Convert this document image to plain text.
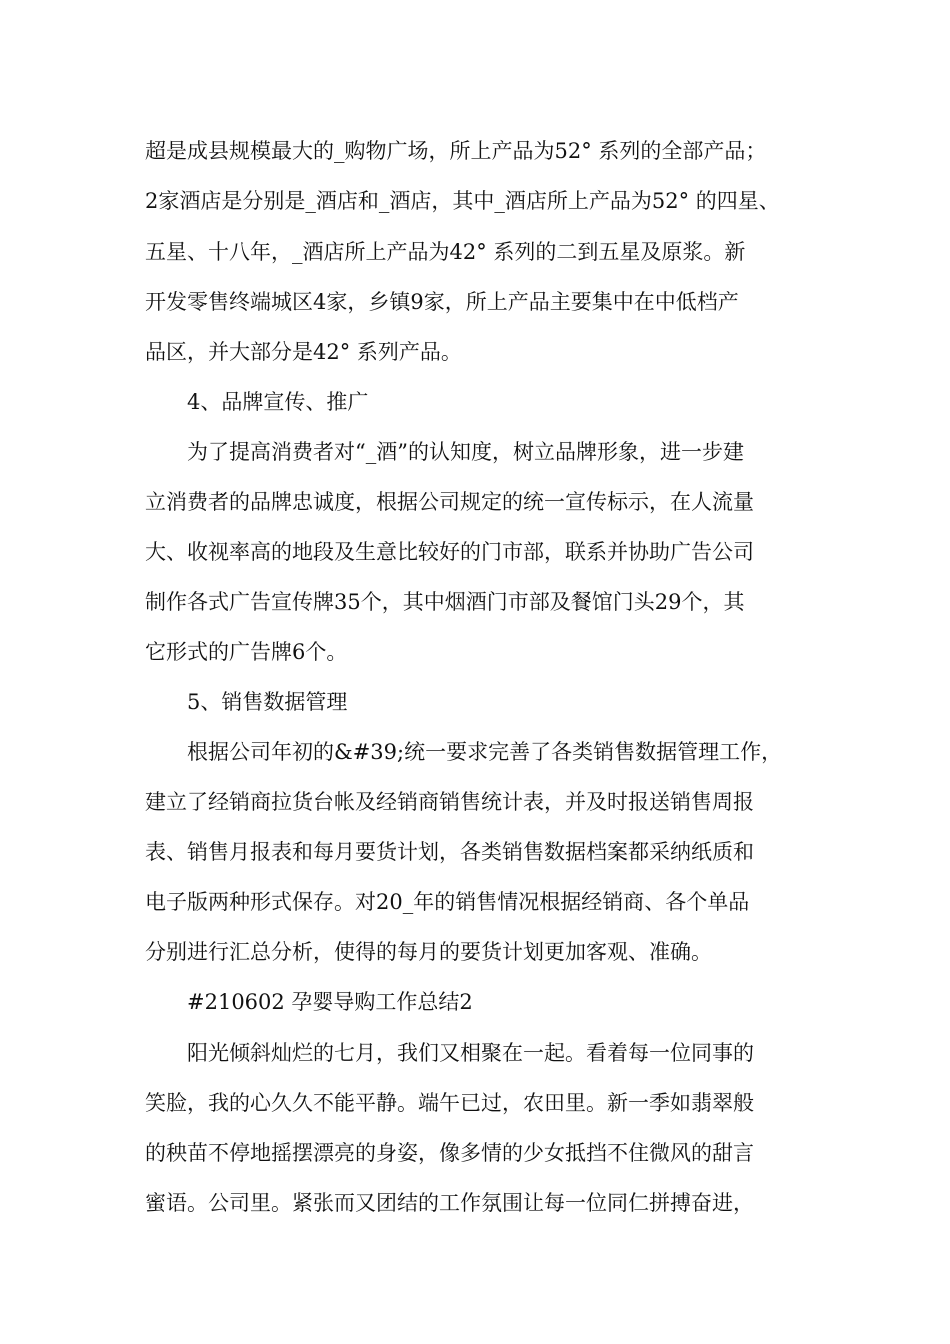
超是成县规模最大的_购物广场，所上产品为52° 系列的全部产品；
2家酒店是分别是_酒店和_酒店，其中_酒店所上产品为52° 的四星、
五星、十八年，_酒店所上产品为42° 系列的二到五星及原浆。新
开发零售终端城区4家，乡镇9家，所上产品主要集中在中低档产
品区，并大部分是42° 系列产品。
4、品牌宣传、推广
为了提高消费者对“_酒”的认知度，树立品牌形象，进一步建
立消费者的品牌忠诚度，根据公司规定的统一宣传标示，在人流量
大、收视率高的地段及生意比较好的门市部，联系并协助广告公司
制作各式广告宣传牌35个，其中烟酒门市部及餐馆门头29个，其
它形式的广告牌6个。
5、销售数据管理
根据公司年初的&#39;统一要求完善了各类销售数据管理工作，
建立了经销商拉货台帐及经销商销售统计表，并及时报送销售周报
表、销售月报表和每月要货计划，各类销售数据档案都采纳纸质和
电子版两种形式保存。对20_年的销售情况根据经销商、各个单品
分别进行汇总分析，使得的每月的要货计划更加客观、准确。
#210602 孕婴导购工作总结2
阳光倾斜灿烂的七月，我们又相聚在一起。看着每一位同事的
笑脸，我的心久久不能平静。端午已过，农田里。新一季如翡翠般
的秧苗不停地摇摆漂亮的身姿，像多情的少女抵挡不住微风的甜言
蜜语。公司里。紧张而又团结的工作氛围让每一位同仁拼搏奋进，
